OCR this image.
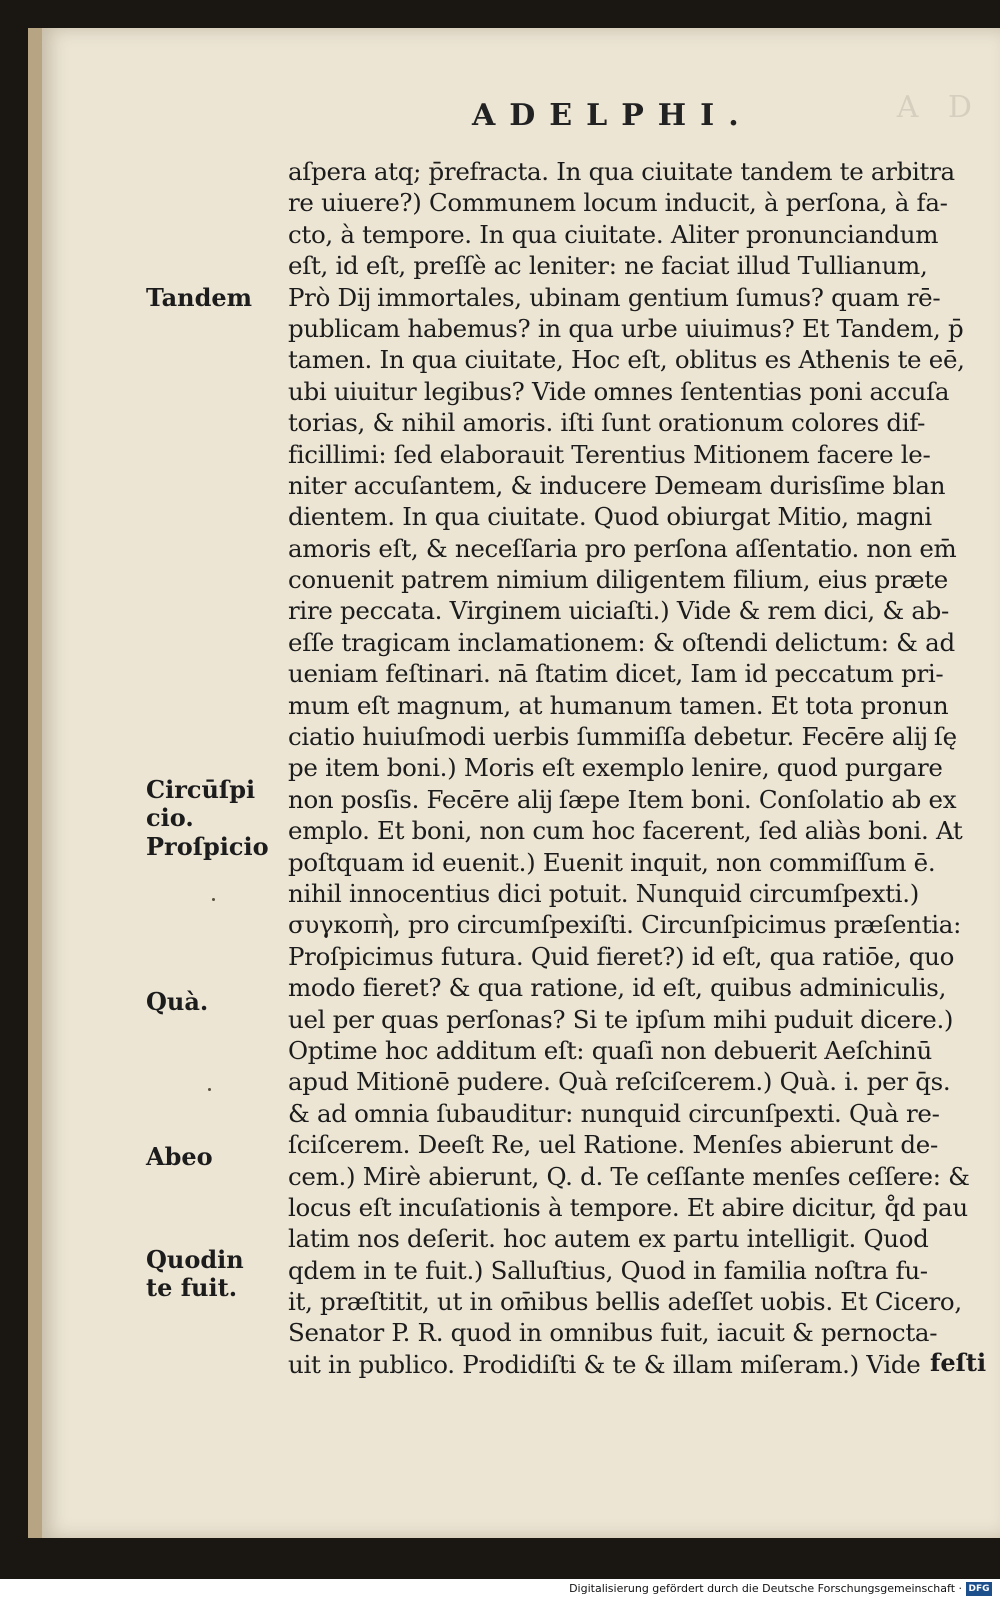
A D
ADELPHI.
aſpera atq; p̄refracta. In qua ciuitate tandem te arbitra
re uiuere?) Communem locum inducit, à perſona, à fa-
cto, à tempore. In qua ciuitate. Aliter pronunciandum
eſt, id eſt, preſſè ac leniter: ne faciat illud Tullianum,
Prò Dĳ immortales, ubinam gentium ſumus? quam rē-
publicam habemus? in qua urbe uiuimus? Et Tandem, p̄
tamen. In qua ciuitate, Hoc eſt, oblitus es Athenis te eē,
ubi uiuitur legibus? Vide omnes ſententias poni accuſa
torias, & nihil amoris. iſti ſunt orationum colores dif-
ficillimi: ſed elaborauit Terentius Mitionem facere le-
niter accuſantem, & inducere Demeam durisſime blan
dientem. In qua ciuitate. Quod obiurgat Mitio, magni
amoris eſt, & neceſſaria pro perſona aſſentatio. non em̄
conuenit patrem nimium diligentem filium, eius præte
rire peccata. Virginem uiciaſti.) Vide & rem dici, & ab-
eſſe tragicam inclamationem: & oſtendi delictum: & ad
ueniam feſtinari. nā ſtatim dicet, Iam id peccatum pri-
mum eſt magnum, at humanum tamen. Et tota pronun
ciatio huiuſmodi uerbis ſummiſſa debetur. Fecēre alĳ ſę
pe item boni.) Moris eſt exemplo lenire, quod purgare
non posſis. Fecēre alĳ ſæpe Item boni. Conſolatio ab ex
emplo. Et boni, non cum hoc facerent, ſed aliàs boni. At
poſtquam id euenit.) Euenit inquit, non commiſſum ē.
nihil innocentius dici potuit. Nunquid circumſpexti.)
συγκοπὴ, pro circumſpexiſti. Circunſpicimus præſentia:
Proſpicimus futura. Quid fieret?) id eſt, qua ratiōe, quo
modo fieret? & qua ratione, id eſt, quibus adminiculis,
uel per quas perſonas? Si te ipſum mihi puduit dicere.)
Optime hoc additum eſt: quaſi non debuerit Aeſchinū
apud Mitionē pudere. Quà reſciſcerem.) Quà. i. per q̄s.
& ad omnia ſubauditur: nunquid circunſpexti. Quà re-
ſciſcerem. Deeſt Re, uel Ratione. Menſes abierunt de-
cem.) Mirè abierunt, Q. d. Te ceſſante menſes ceſſere: &
locus eſt incuſationis à tempore. Et abire dicitur, q̊d pau
latim nos deſerit. hoc autem ex partu intelligit. Quod
qdem in te fuit.) Salluſtius, Quod in familia noſtra fu-
it, præſtitit, ut in om̄ibus bellis adeſſet uobis. Et Cicero,
Senator P. R. quod in omnibus fuit, iacuit & pernocta-
uit in publico. Prodidiſti & te & illam miſeram.) Vide feſti
Tandem
Circūſpi
cio.
Proſpicio
Quà.
Abeo
Quodin
te fuit.
Digitalisierung gefördert durch die Deutsche Forschungsgemeinschaft · DFG
